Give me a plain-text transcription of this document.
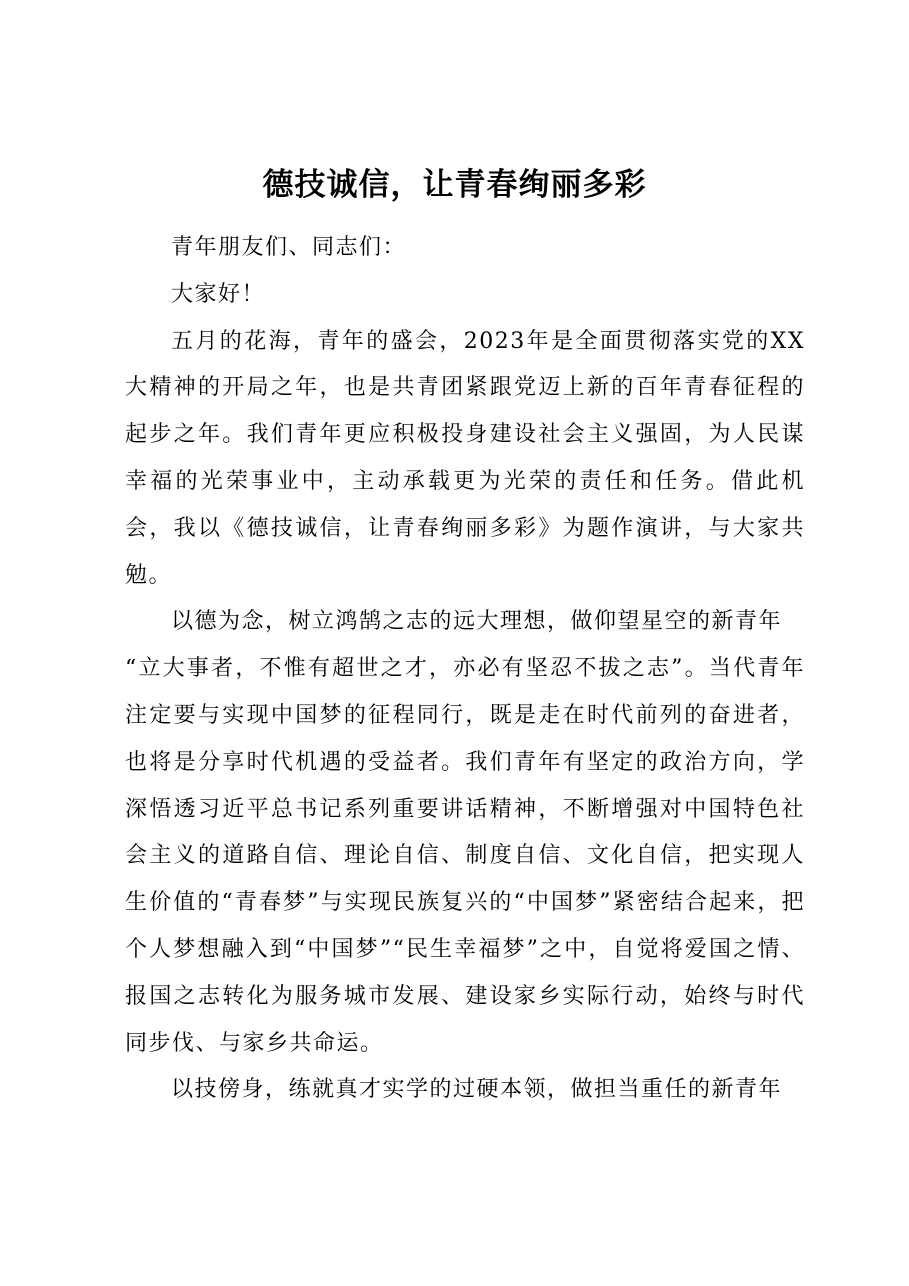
德技诚信，让青春绚丽多彩

青年朋友们、同志们：

大家好！

五月的花海，青年的盛会，2023年是全面贯彻落实党的XX大精神的开局之年，也是共青团紧跟党迈上新的百年青春征程的起步之年。我们青年更应积极投身建设社会主义强固，为人民谋幸福的光荣事业中，主动承载更为光荣的责任和任务。借此机会，我以《德技诚信，让青春绚丽多彩》为题作演讲，与大家共勉。

以德为念，树立鸿鹄之志的远大理想，做仰望星空的新青年

“立大事者，不惟有超世之才，亦必有坚忍不拔之志”。当代青年注定要与实现中国梦的征程同行，既是走在时代前列的奋进者，也将是分享时代机遇的受益者。我们青年有坚定的政治方向，学深悟透习近平总书记系列重要讲话精神，不断增强对中国特色社会主义的道路自信、理论自信、制度自信、文化自信，把实现人生价值的“青春梦”与实现民族复兴的“中国梦”紧密结合起来，把个人梦想融入到“中国梦”“民生幸福梦”之中，自觉将爱国之情、报国之志转化为服务城市发展、建设家乡实际行动，始终与时代同步伐、与家乡共命运。

以技傍身，练就真才实学的过硬本领，做担当重任的新青年
